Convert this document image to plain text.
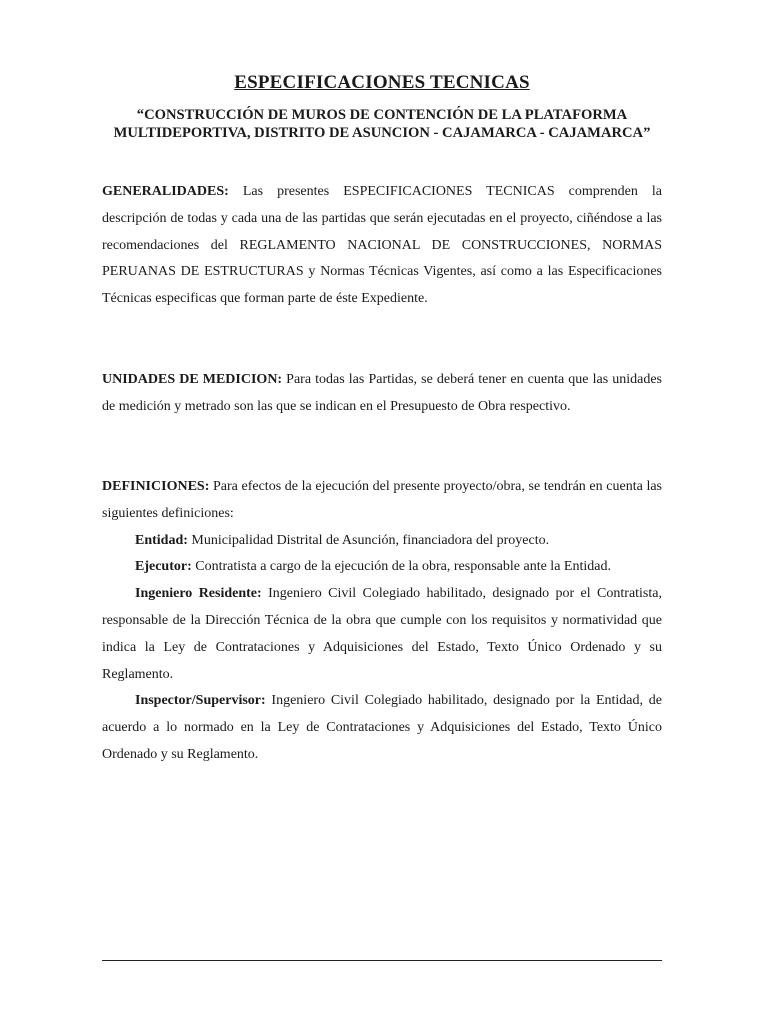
ESPECIFICACIONES TECNICAS
“CONSTRUCCIÓN DE MUROS DE CONTENCIÓN DE LA PLATAFORMA MULTIDEPORTIVA, DISTRITO DE ASUNCION - CAJAMARCA - CAJAMARCA”
GENERALIDADES: Las presentes ESPECIFICACIONES TECNICAS comprenden la descripción de todas y cada una de las partidas que serán ejecutadas en el proyecto, ciñéndose a las recomendaciones del REGLAMENTO NACIONAL DE CONSTRUCCIONES, NORMAS PERUANAS DE ESTRUCTURAS y Normas Técnicas Vigentes, así como a las Especificaciones Técnicas especificas que forman parte de éste Expediente.
UNIDADES DE MEDICION: Para todas las Partidas, se deberá tener en cuenta que las unidades de medición y metrado son las que se indican en el Presupuesto de Obra respectivo.
DEFINICIONES: Para efectos de la ejecución del presente proyecto/obra, se tendrán en cuenta las siguientes definiciones:
Entidad: Municipalidad Distrital de Asunción, financiadora del proyecto.
Ejecutor: Contratista a cargo de la ejecución de la obra, responsable ante la Entidad.
Ingeniero Residente: Ingeniero Civil Colegiado habilitado, designado por el Contratista, responsable de la Dirección Técnica de la obra que cumple con los requisitos y normatividad que indica la Ley de Contrataciones y Adquisiciones del Estado, Texto Único Ordenado y su Reglamento.
Inspector/Supervisor: Ingeniero Civil Colegiado habilitado, designado por la Entidad, de acuerdo a lo normado en la Ley de Contrataciones y Adquisiciones del Estado, Texto Único Ordenado y su Reglamento.
